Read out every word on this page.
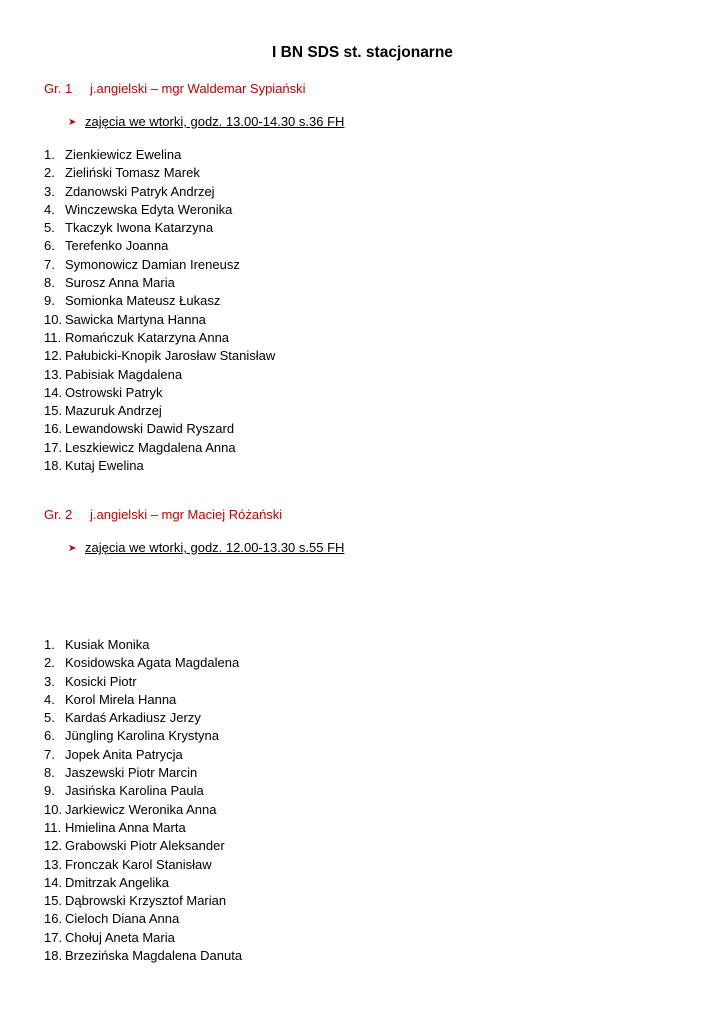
I BN SDS st. stacjonarne
Gr. 1 j.angielski – mgr Waldemar Sypiański
➤ zajęcia we wtorki, godz. 13.00-14.30 s.36 FH
1. Zienkiewicz Ewelina
2. Zieliński Tomasz Marek
3. Zdanowski Patryk Andrzej
4. Winczewska Edyta Weronika
5. Tkaczyk Iwona Katarzyna
6. Terefenko Joanna
7. Symonowicz Damian Ireneusz
8. Surosz Anna Maria
9. Somionka Mateusz Łukasz
10. Sawicka Martyna Hanna
11. Romańczuk Katarzyna Anna
12. Pałubicki-Knopik Jarosław Stanisław
13. Pabisiak Magdalena
14. Ostrowski Patryk
15. Mazuruk Andrzej
16. Lewandowski Dawid Ryszard
17. Leszkiewicz Magdalena Anna
18. Kutaj Ewelina
Gr. 2 j.angielski – mgr Maciej Różański
➤ zajęcia we wtorki, godz. 12.00-13.30 s.55 FH
1. Kusiak Monika
2. Kosidowska Agata Magdalena
3. Kosicki Piotr
4. Korol Mirela Hanna
5. Kardaś Arkadiusz Jerzy
6. Jüngling Karolina Krystyna
7. Jopek Anita Patrycja
8. Jaszewski Piotr Marcin
9. Jasińska Karolina Paula
10. Jarkiewicz Weronika Anna
11. Hmielina Anna Marta
12. Grabowski Piotr Aleksander
13. Fronczak Karol Stanisław
14. Dmitrzak Angelika
15. Dąbrowski Krzysztof Marian
16. Cieloch Diana Anna
17. Chołuj Aneta Maria
18. Brzezińska Magdalena Danuta
